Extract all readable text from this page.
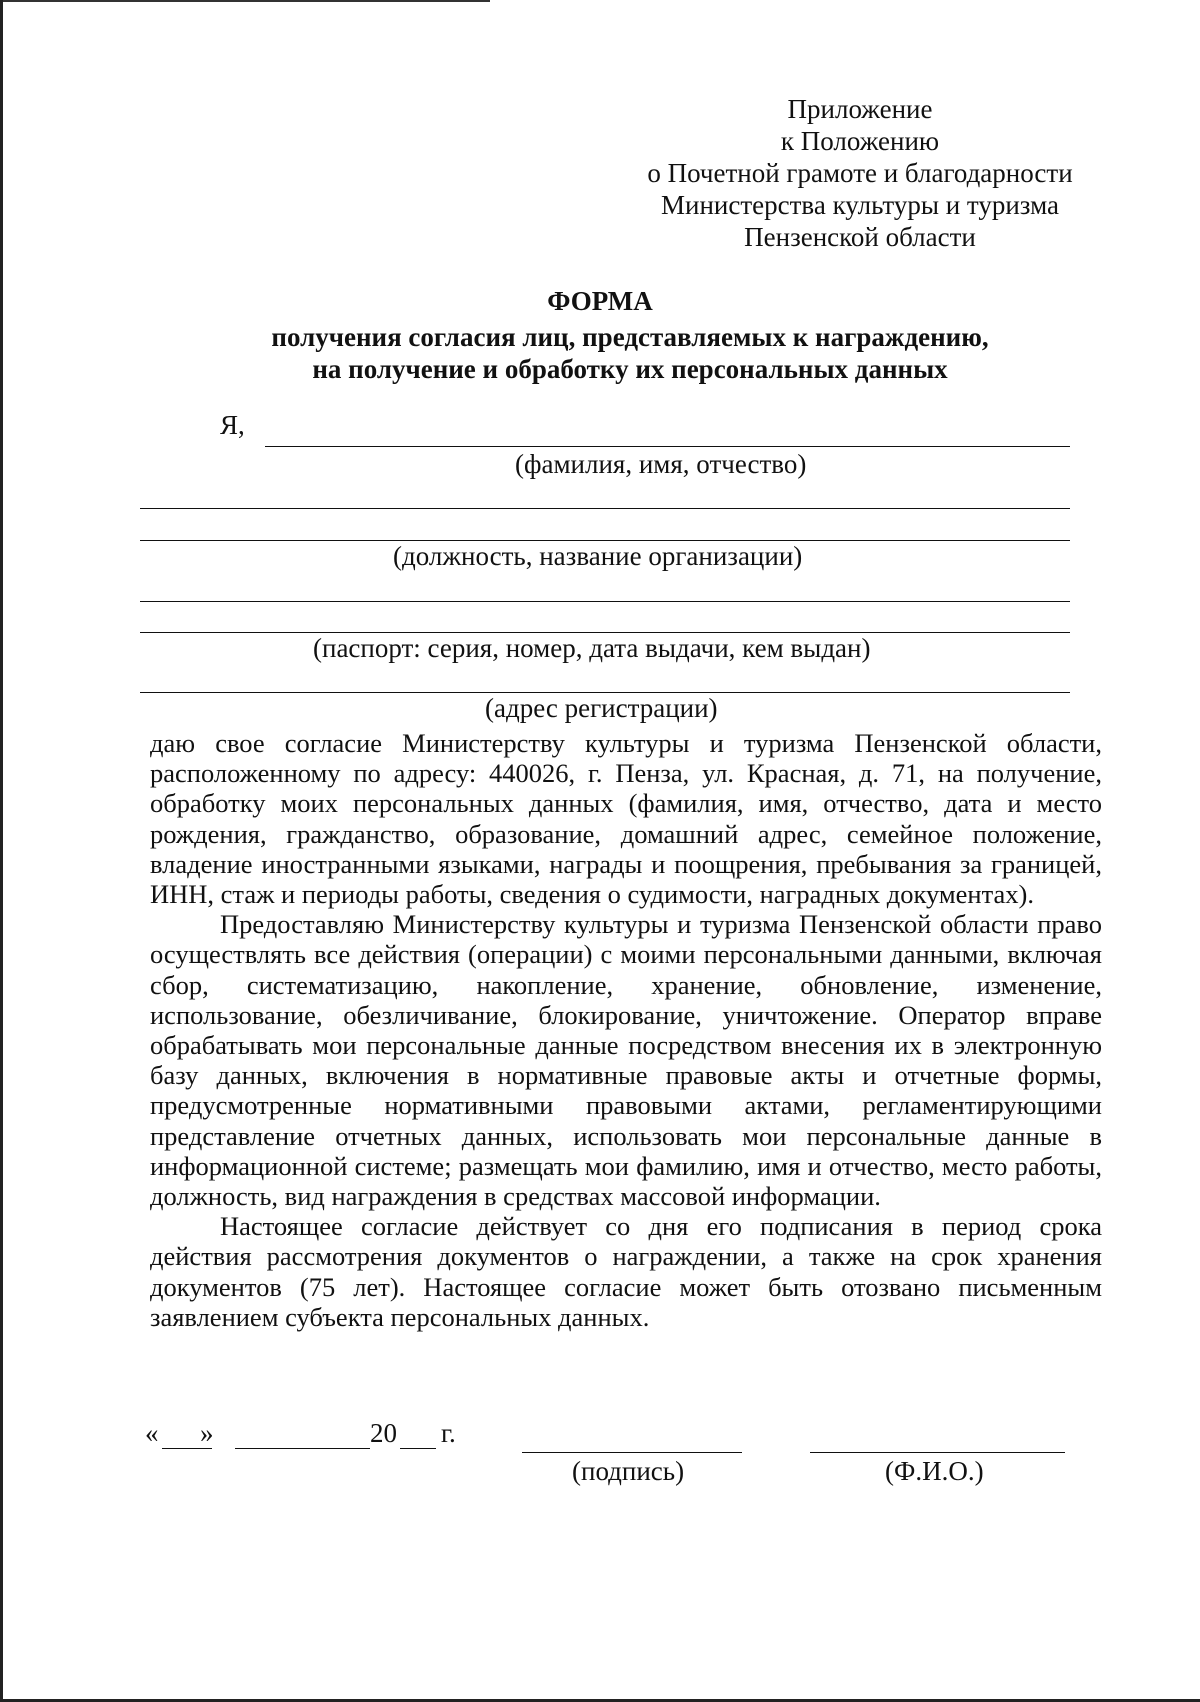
Приложение
к Положению
о Почетной грамоте и благодарности
Министерства культуры и туризма
Пензенской области
ФОРМА
получения согласия лиц, представляемых к награждению,
на получение и обработку их персональных данных
Я,
(фамилия, имя, отчество)
(должность, название организации)
(паспорт: серия, номер, дата выдачи, кем выдан)
(адрес регистрации)

даю свое согласие Министерству культуры и туризма Пензенской области, расположенному по адресу: 440026, г. Пенза, ул. Красная, д. 71, на получение, обработку моих персональных данных (фамилия, имя, отчество, дата и место рождения, гражданство, образование, домашний адрес, семейное положение, владение иностранными языками, награды и поощрения, пребывания за границей, ИНН, стаж и периоды работы, сведения о судимости, наградных документах).

Предоставляю Министерству культуры и туризма Пензенской области право осуществлять все действия (операции) с моими персональными данными, включая сбор, систематизацию, накопление, хранение, обновление, изменение, использование, обезличивание, блокирование, уничтожение. Оператор вправе обрабатывать мои персональные данные посредством внесения их в электронную базу данных, включения в нормативные правовые акты и отчетные формы, предусмотренные нормативными правовыми актами, регламентирующими представление отчетных данных, использовать мои персональные данные в информационной системе; размещать мои фамилию, имя и отчество, место работы, должность, вид награждения в средствах массовой информации.

Настоящее согласие действует со дня его подписания в период срока действия рассмотрения документов о награждении, а также на срок хранения документов (75 лет). Настоящее согласие может быть отозвано письменным заявлением субъекта персональных данных.

« »	20 г.
(подпись)	(Ф.И.О.)
